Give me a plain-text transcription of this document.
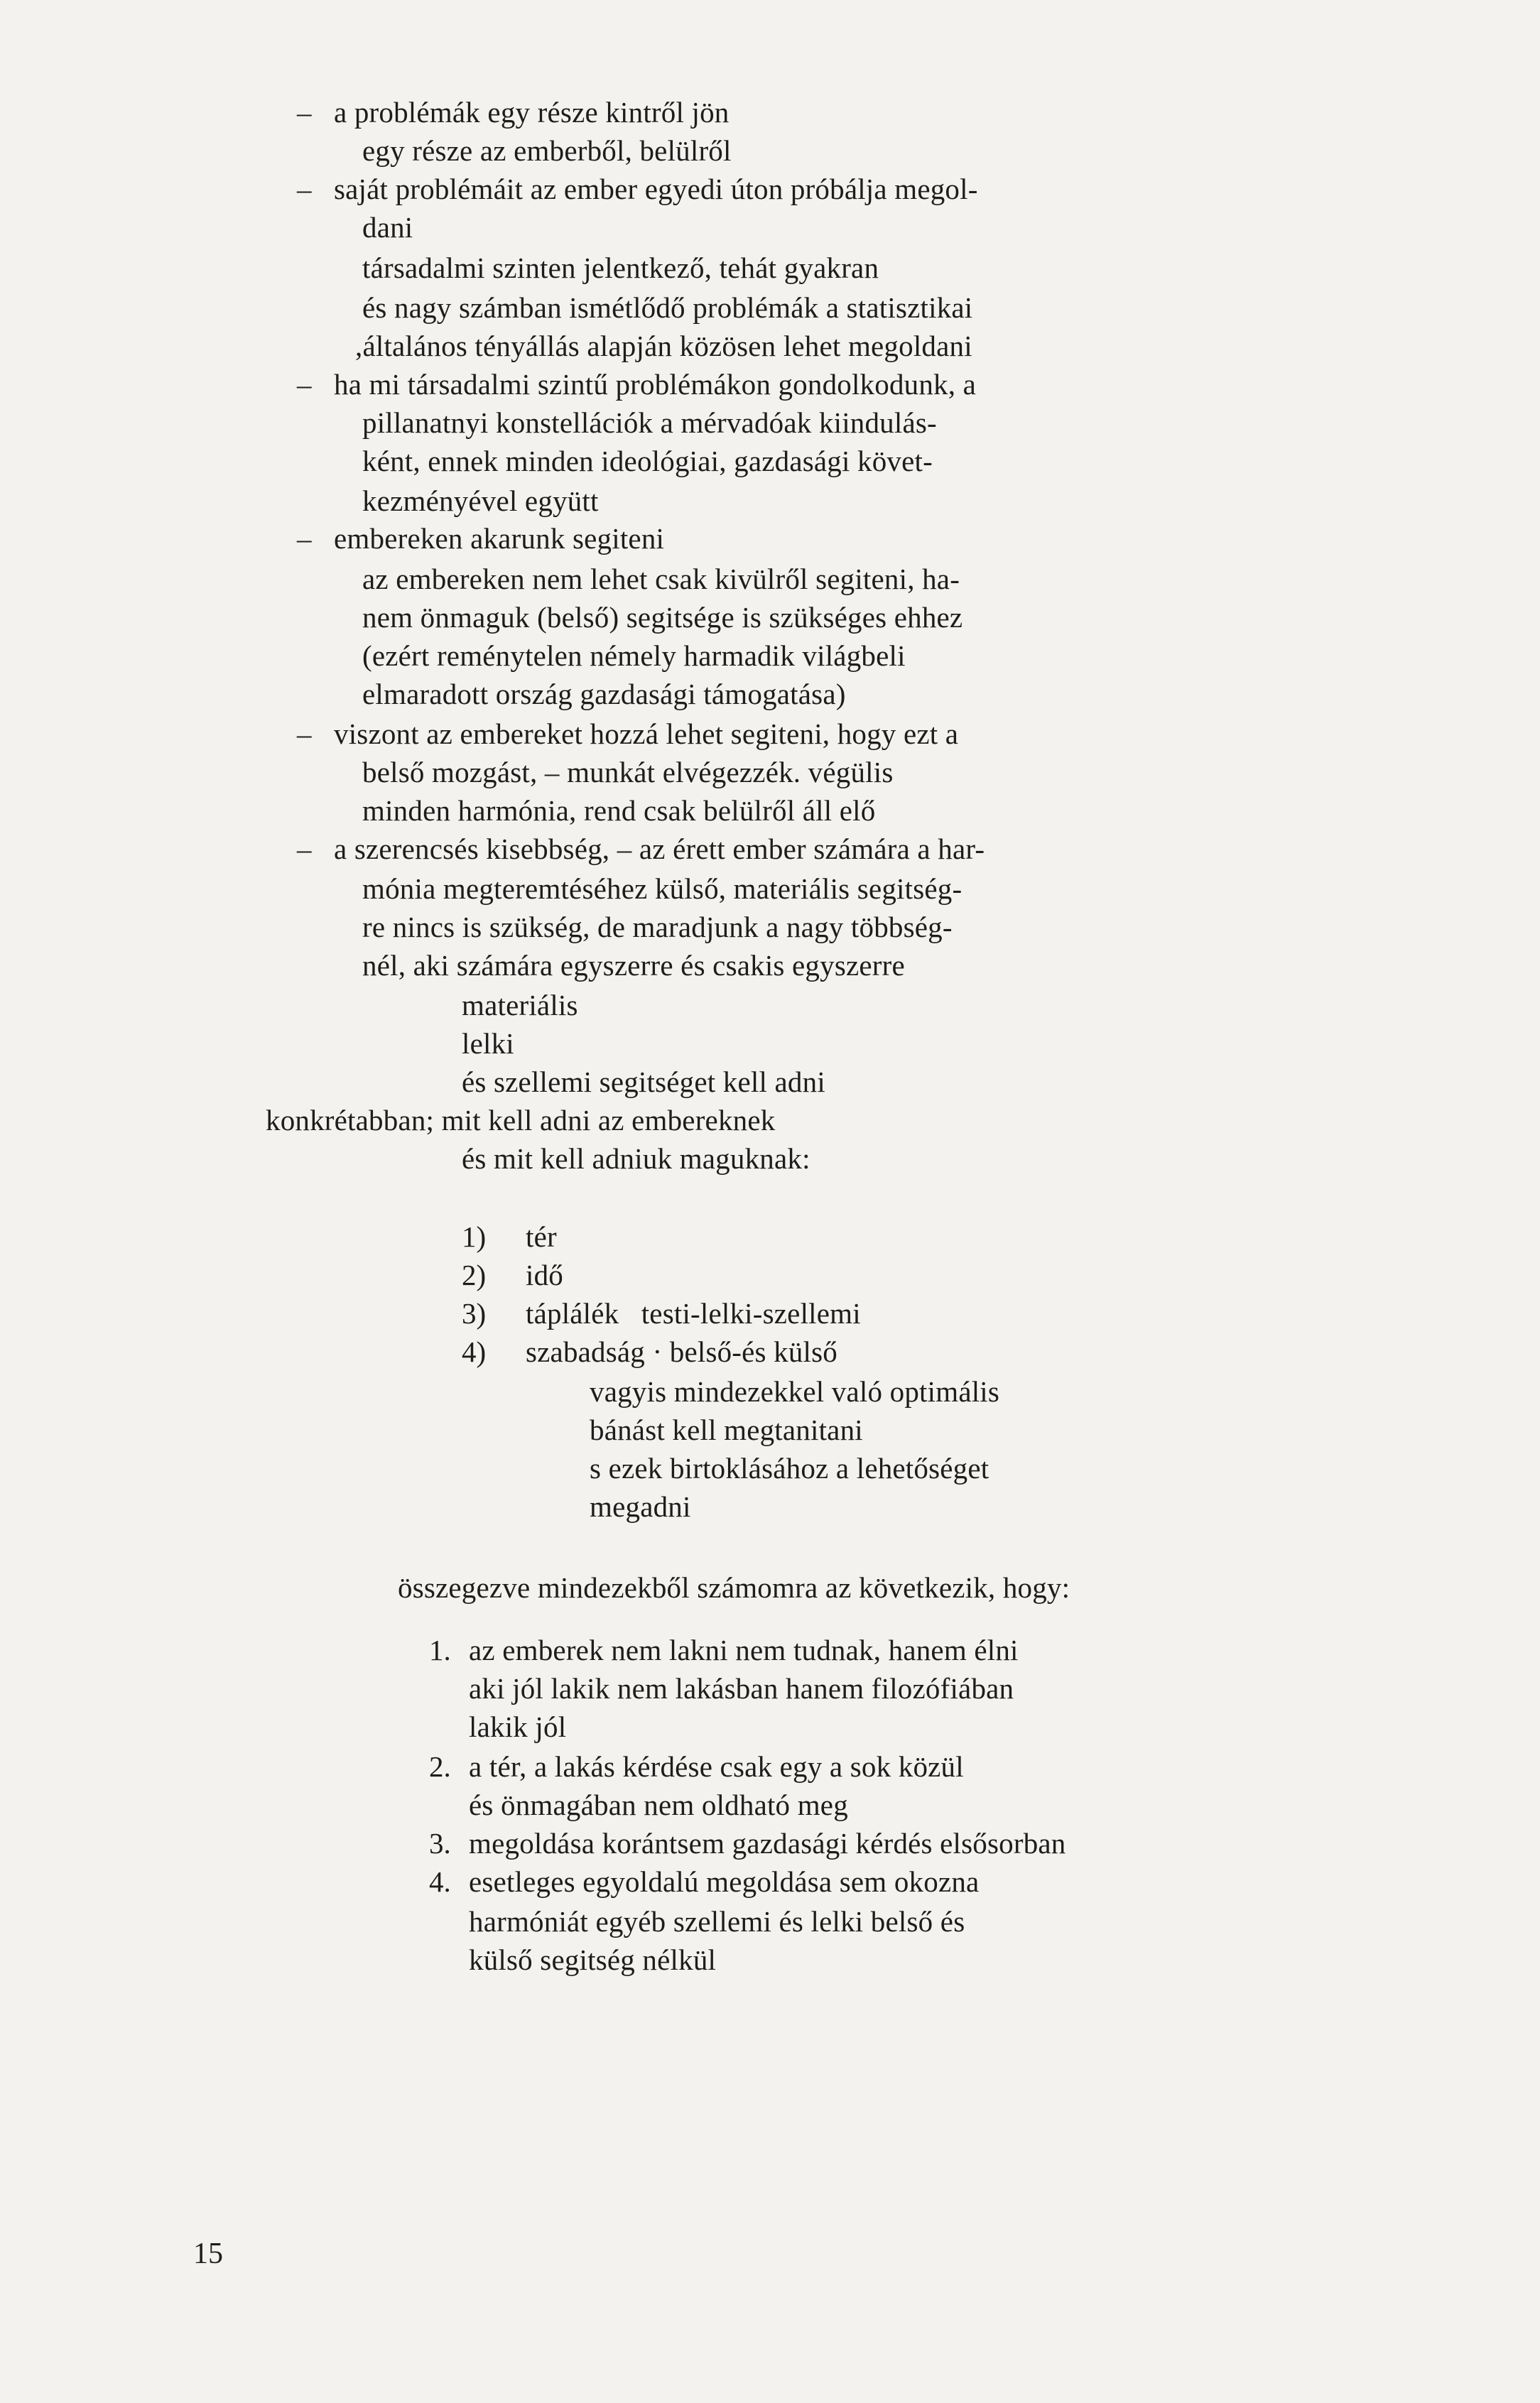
–
–
–
–
–
–
a problémák egy része kintről jön
egy része az emberből, belülről
saját problémáit az ember egyedi úton próbálja megol-
dani
társadalmi szinten jelentkező, tehát gyakran
és nagy számban ismétlődő problémák a statisztikai
,általános tényállás alapján közösen lehet megoldani
ha mi társadalmi szintű problémákon gondolkodunk, a
pillanatnyi konstellációk a mérvadóak kiindulás-
ként, ennek minden ideológiai, gazdasági követ-
kezményével együtt
embereken akarunk segiteni
az embereken nem lehet csak kivülről segiteni, ha-
nem önmaguk (belső) segitsége is szükséges ehhez
(ezért reménytelen némely harmadik világbeli
elmaradott ország gazdasági támogatása)
viszont az embereket hozzá lehet segiteni, hogy ezt a
belső mozgást, – munkát elvégezzék. végülis
minden harmónia, rend csak belülről áll elő
a szerencsés kisebbség, – az érett ember számára a har-
mónia megteremtéséhez külső, materiális segitség-
re nincs is szükség, de maradjunk a nagy többség-
nél, aki számára egyszerre és csakis egyszerre
materiális
lelki
és szellemi segitséget kell adni
konkrétabban; mit kell adni az embereknek
és mit kell adniuk maguknak:
1) tér
2) idő
3) táplálék   testi-lelki-szellemi
4) szabadság · belső-és külső
vagyis mindezekkel való optimális
bánást kell megtanitani
s ezek birtoklásához a lehetőséget
megadni
összegezve mindezekből számomra az következik, hogy:
1. az emberek nem lakni nem tudnak, hanem élni
aki jól lakik nem lakásban hanem filozófiában
lakik jól
2. a tér, a lakás kérdése csak egy a sok közül
és önmagában nem oldható meg
3. megoldása korántsem gazdasági kérdés elsősorban
4. esetleges egyoldalú megoldása sem okozna
harmóniát egyéb szellemi és lelki belső és
külső segitség nélkül
15
